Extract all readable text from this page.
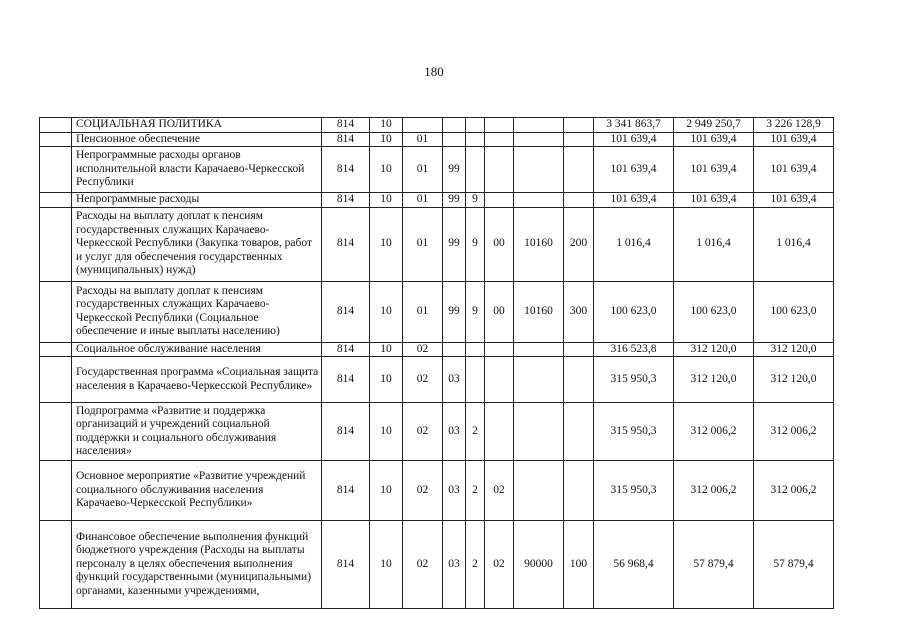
180
	СОЦИАЛЬНАЯ ПОЛИТИКА	814	10							3 341 863,7	2 949 250,7	3 226 128,9
	Пенсионное обеспечение	814	10	01						101 639,4	101 639,4	101 639,4
	Непрограммные расходы органов исполнительной власти Карачаево-Черкесской Республики	814	10	01	99					101 639,4	101 639,4	101 639,4
	Непрограммные расходы	814	10	01	99	9				101 639,4	101 639,4	101 639,4
	Расходы на выплату доплат к пенсиям государственных служащих Карачаево-Черкесской Республики (Закупка товаров, работ и услуг для обеспечения государственных (муниципальных) нужд)	814	10	01	99	9	00	10160	200	1 016,4	1 016,4	1 016,4
	Расходы на выплату доплат к пенсиям государственных служащих Карачаево-Черкесской Республики (Социальное обеспечение и иные выплаты населению)	814	10	01	99	9	00	10160	300	100 623,0	100 623,0	100 623,0
	Социальное обслуживание населения	814	10	02						316 523,8	312 120,0	312 120,0
	Государственная программа «Социальная защита населения в Карачаево-Черкесской Республике»	814	10	02	03					315 950,3	312 120,0	312 120,0
	Подпрограмма «Развитие и поддержка организаций и учреждений социальной поддержки и социального обслуживания населения»	814	10	02	03	2				315 950,3	312 006,2	312 006,2
	Основное мероприятие «Развитие учреждений социального обслуживания населения Карачаево-Черкесской Республики»	814	10	02	03	2	02			315 950,3	312 006,2	312 006,2
	Финансовое обеспечение выполнения функций бюджетного учреждения (Расходы на выплаты персоналу в целях обеспечения выполнения функций государственными (муниципальными) органами, казенными учреждениями,	814	10	02	03	2	02	90000	100	56 968,4	57 879,4	57 879,4
